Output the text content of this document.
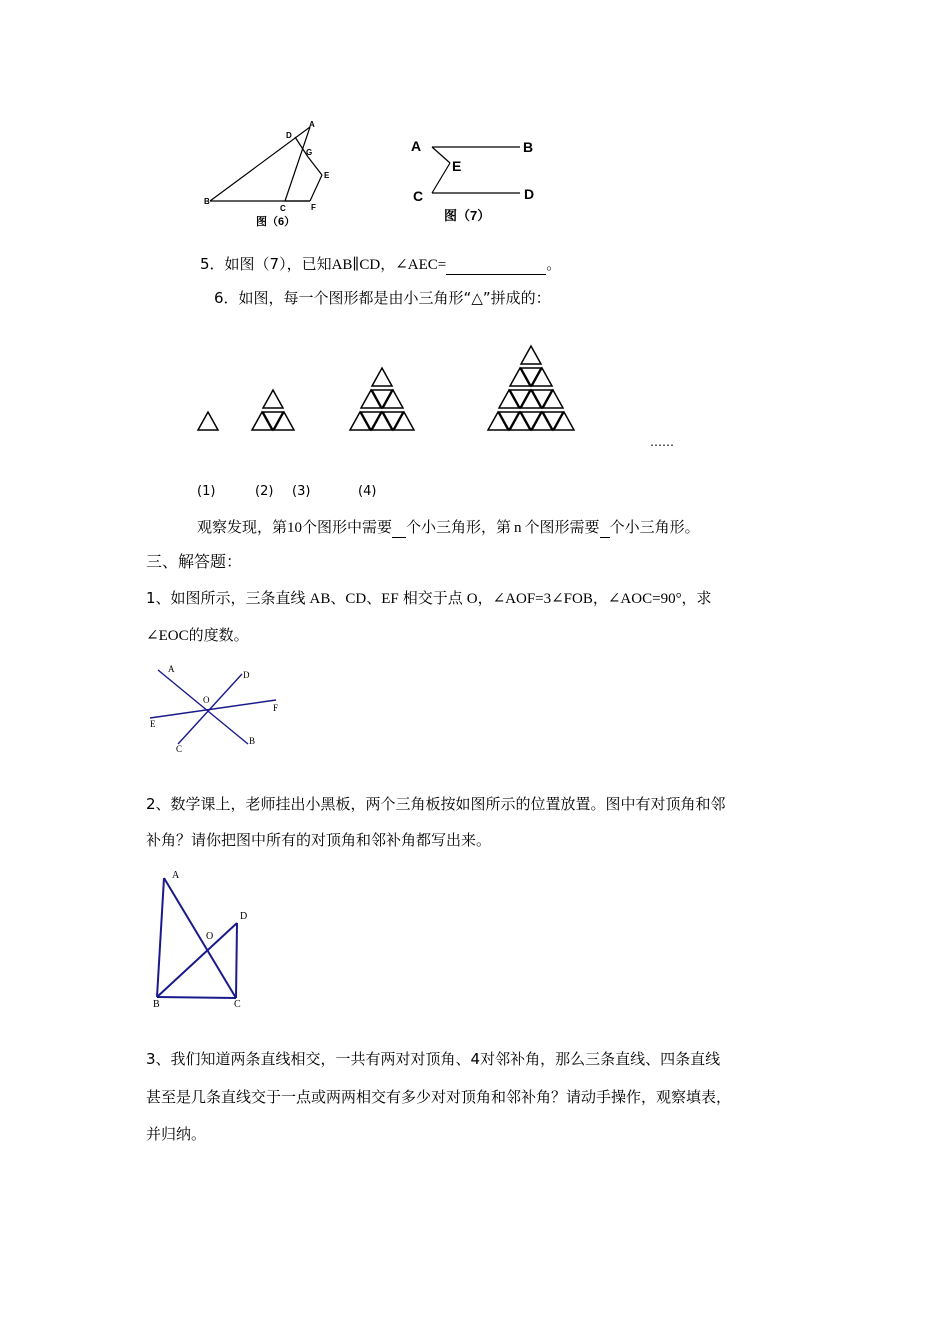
A
D
G
E
B
C	F
图（6）
A	B
E
C	D
图（7）
5．如图（7），已知AB∥CD，∠AEC=	。
6．如图，每一个图形都是由小三角形“△”拼成的：
……
(1)	(2) (3)	(4)
观察发现，第10个图形中需要 个小三角形，第 n 个图形需要 个小三角形。
三、解答题：
1、如图所示，三条直线 AB、CD、EF 相交于点 O，∠AOF=3∠FOB，∠AOC=90°，求
∠EOC的度数。
A
D
O
F
E
B
C
2、数学课上，老师挂出小黑板，两个三角板按如图所示的位置放置。图中有对顶角和邻
补角？请你把图中所有的对顶角和邻补角都写出来。
A
D
O
B	C
3、我们知道两条直线相交，一共有两对对顶角、4对邻补角，那么三条直线、四条直线
甚至是几条直线交于一点或两两相交有多少对对顶角和邻补角？请动手操作，观察填表，
并归纳。
